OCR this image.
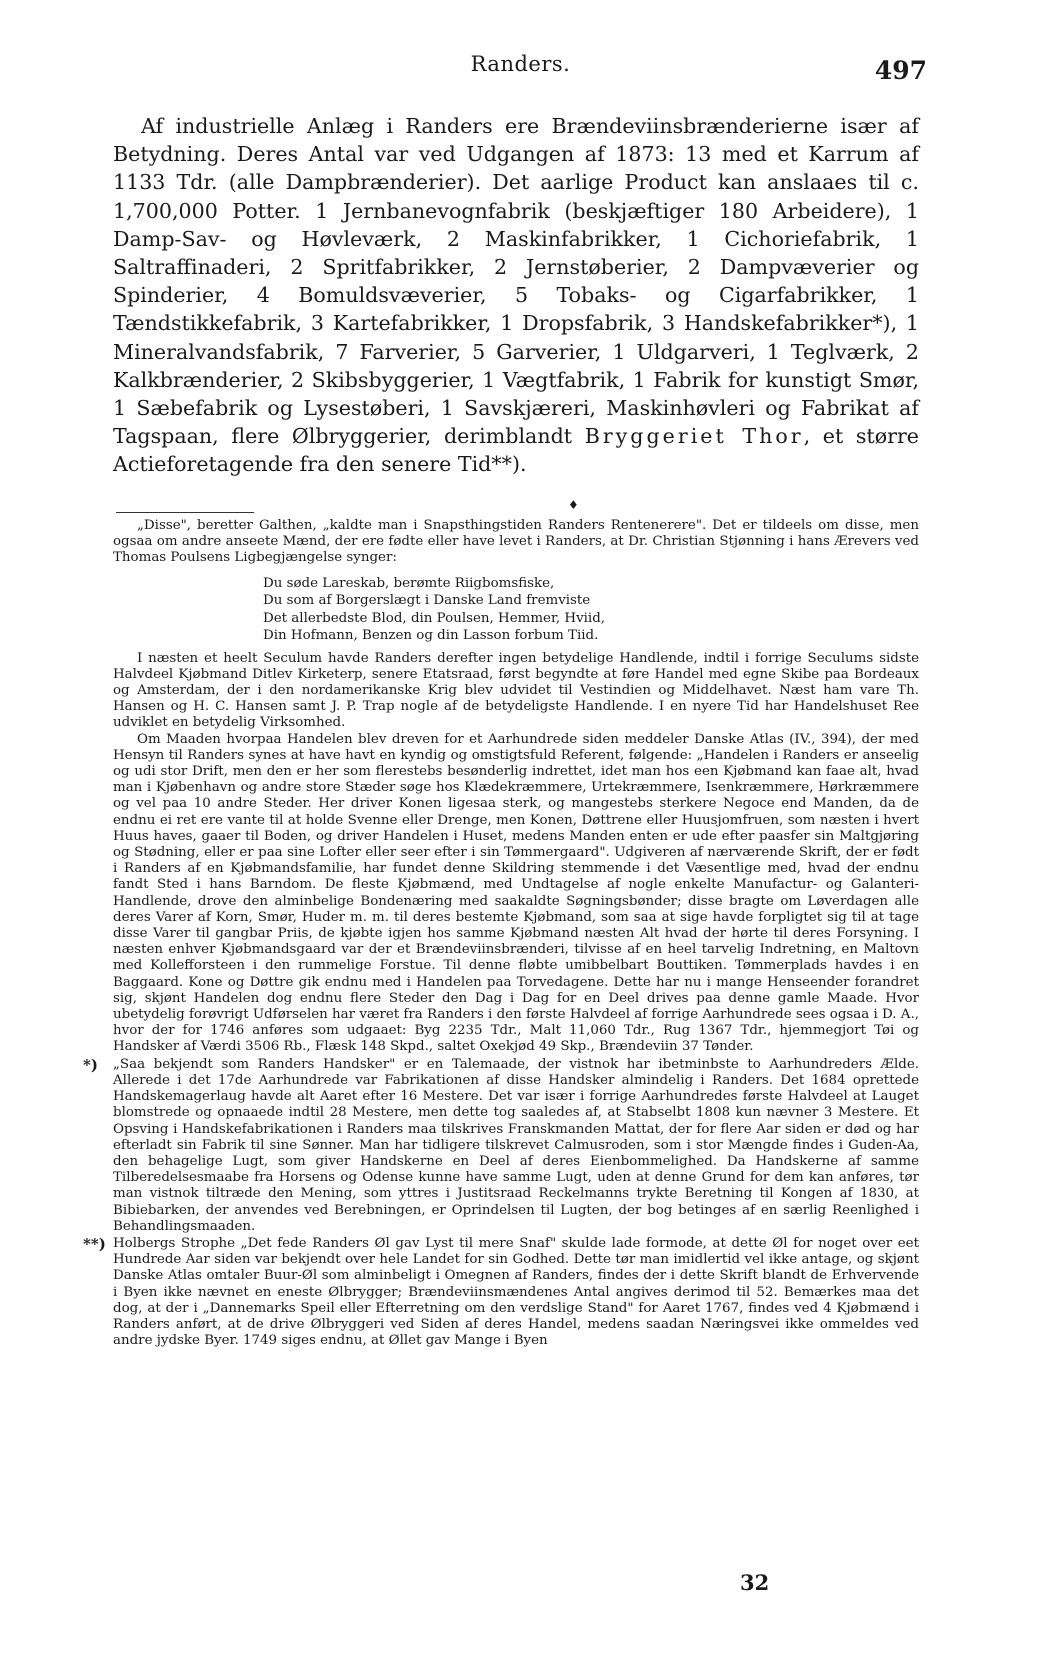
Randers.	497

Af industrielle Anlæg i Randers ere Brændeviinsbrænderierne især af Betydning. Deres Antal var ved Udgangen af 1873: 13 med et Karrum af 1133 Tdr. (alle Dampbrænderier). Det aarlige Product kan anslaaes til c. 1,700,000 Potter. 1 Jernbanevognfabrik (beskjæftiger 180 Arbeidere), 1 Damp-Sav- og Høvleværk, 2 Maskinfabrikker, 1 Cichoriefabrik, 1 Saltraffinaderi, 2 Spritfabrikker, 2 Jernstøberier, 2 Dampvæverier og Spinderier, 4 Bomuldsvæverier, 5 Tobaks- og Cigarfabrikker, 1 Tændstikkefabrik, 3 Kartefabrikker, 1 Dropsfabrik, 3 Handskefabrikker*), 1 Mineralvandsfabrik, 7 Farverier, 5 Garverier, 1 Uldgarveri, 1 Teglværk, 2 Kalkbrænderier, 2 Skibsbyggerier, 1 Vægtfabrik, 1 Fabrik for kunstigt Smør, 1 Sæbefabrik og Lysestøberi, 1 Savskjæreri, Maskinhøvleri og Fabrikat af Tagspaan, flere Ølbryggerier, derimblandt Bryggeriet Thor, et større Actieforetagende fra den senere Tid**).

♦

„Disse", beretter Galthen, „kaldte man i Snapsthingstiden Randers Rentenerere". Det er tildeels om disse, men ogsaa om andre anseete Mænd, der ere fødte eller have levet i Randers, at Dr. Christian Stjønning i hans Ærevers ved Thomas Poulsens Ligbegjængelse synger:

Du søde Lareskab, berømte Riigbomsfiske,
Du som af Borgerslægt i Danske Land fremviste
Det allerbedste Blod, din Poulsen, Hemmer, Hviid,
Din Hofmann, Benzen og din Lasson forbum Tiid.

I næsten et heelt Seculum havde Randers derefter ingen betydelige Handlende, indtil i forrige Seculums sidste Halvdeel Kjøbmand Ditlev Kirketerp, senere Etatsraad, først begyndte at føre Handel med egne Skibe paa Bordeaux og Amsterdam, der i den nordamerikanske Krig blev udvidet til Vestindien og Middelhavet. Næst ham vare Th. Hansen og H. C. Hansen samt J. P. Trap nogle af de betydeligste Handlende. I en nyere Tid har Handelshuset Ree udviklet en betydelig Virksomhed.

Om Maaden hvorpaa Handelen blev dreven for et Aarhundrede siden meddeler Danske Atlas (IV., 394), der med Hensyn til Randers synes at have havt en kyndig og omstigtsfuld Referent, følgende: „Handelen i Randers er anseelig og udi stor Drift, men den er her som flerestebs besønderlig indrettet, idet man hos een Kjøbmand kan faae alt, hvad man i Kjøbenhavn og andre store Stæder søge hos Klædekræmmere, Urtekræmmere, Isenkræmmere, Hørkræmmere og vel paa 10 andre Steder. Her driver Konen ligesaa sterk, og mangestebs sterkere Negoce end Manden, da de endnu ei ret ere vante til at holde Svenne eller Drenge, men Konen, Døttrene eller Huusjomfruen, som næsten i hvert Huus haves, gaaer til Boden, og driver Handelen i Huset, medens Manden enten er ude efter paasfer sin Maltgjøring og Stødning, eller er paa sine Lofter eller seer efter i sin Tømmergaard". Udgiveren af nærværende Skrift, der er født i Randers af en Kjøbmandsfamilie, har fundet denne Skildring stemmende i det Væsentlige med, hvad der endnu fandt Sted i hans Barndom. De fleste Kjøbmænd, med Undtagelse af nogle enkelte Manufactur- og Galanteri-Handlende, drove den alminbelige Bondenæring med saakaldte Søgningsbønder; disse bragte om Løverdagen alle deres Varer af Korn, Smør, Huder m. m. til deres bestemte Kjøbmand, som saa at sige havde forpligtet sig til at tage disse Varer til gangbar Priis, de kjøbte igjen hos samme Kjøbmand næsten Alt hvad der hørte til deres Forsyning. I næsten enhver Kjøbmandsgaard var der et Brændeviinsbrænderi, tilvisse af en heel tarvelig Indretning, en Maltovn med Kollefforsteen i den rummelige Forstue. Til denne fløbte umibbelbart Bouttiken. Tømmerplads havdes i en Baggaard. Kone og Døttre gik endnu med i Handelen paa Torvedagene. Dette har nu i mange Henseender forandret sig, skjønt Handelen dog endnu flere Steder den Dag i Dag for en Deel drives paa denne gamle Maade. Hvor ubetydelig forøvrigt Udførselen har været fra Randers i den første Halvdeel af forrige Aarhundrede sees ogsaa i D. A., hvor der for 1746 anføres som udgaaet: Byg 2235 Tdr., Malt 11,060 Tdr., Rug 1367 Tdr., hjemmegjort Tøi og Handsker af Værdi 3506 Rb., Flæsk 148 Skpd., saltet Oxekjød 49 Skp., Brændeviin 37 Tønder.

*) „Saa bekjendt som Randers Handsker" er en Talemaade, der vistnok har ibetminbste to Aarhundreders Ælde. Allerede i det 17de Aarhundrede var Fabrikationen af disse Handsker almindelig i Randers. Det 1684 oprettede Handskemagerlaug havde alt Aaret efter 16 Mestere. Det var især i forrige Aarhundredes første Halvdeel at Lauget blomstrede og opnaaede indtil 28 Mestere, men dette tog saaledes af, at Stabselbt 1808 kun nævner 3 Mestere. Et Opsving i Handskefabrikationen i Randers maa tilskrives Franskmanden Mattat, der for flere Aar siden er død og har efterladt sin Fabrik til sine Sønner. Man har tidligere tilskrevet Calmusroden, som i stor Mængde findes i Guden-Aa, den behagelige Lugt, som giver Handskerne en Deel af deres Eienbommelighed. Da Handskerne af samme Tilberedelsesmaabe fra Horsens og Odense kunne have samme Lugt, uden at denne Grund for dem kan anføres, tør man vistnok tiltræde den Mening, som yttres i Justitsraad Reckelmanns trykte Beretning til Kongen af 1830, at Bibiebarken, der anvendes ved Berebningen, er Oprindelsen til Lugten, der bog betinges af en særlig Reenlighed i Behandlingsmaaden.
**) Holbergs Strophe „Det fede Randers Øl gav Lyst til mere Snaf" skulde lade formode, at dette Øl for noget over eet Hundrede Aar siden var bekjendt over hele Landet for sin Godhed. Dette tør man imidlertid vel ikke antage, og skjønt Danske Atlas omtaler Buur-Øl som alminbeligt i Omegnen af Randers, findes der i dette Skrift blandt de Erhvervende i Byen ikke nævnet en eneste Ølbrygger; Brændeviinsmændenes Antal angives derimod til 52. Bemærkes maa det dog, at der i „Dannemarks Speil eller Efterretning om den verdslige Stand" for Aaret 1767, findes ved 4 Kjøbmænd i Randers anført, at de drive Ølbryggeri ved Siden af deres Handel, medens saadan Næringsvei ikke ommeldes ved andre jydske Byer. 1749 siges endnu, at Øllet gav Mange i Byen
32
